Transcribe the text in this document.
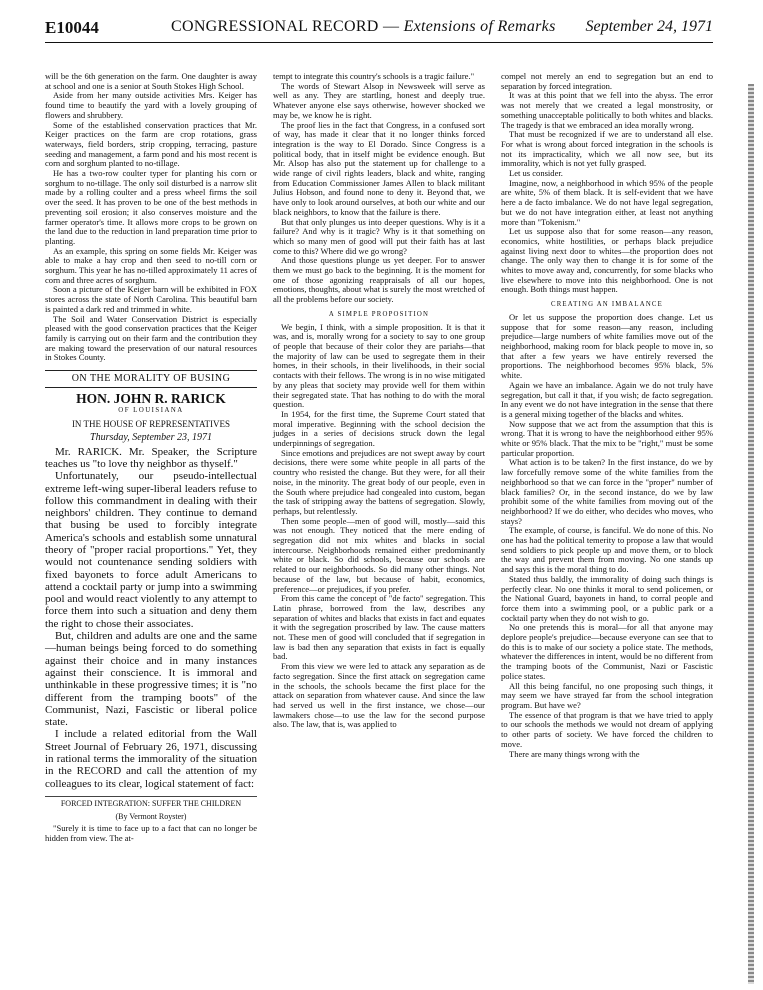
E10044	CONGRESSIONAL RECORD — Extensions of Remarks September 24, 1971

will be the 6th generation on the farm. One daughter is away at school and one is a senior at South Stokes High School.

Aside from her many outside activities Mrs. Keiger has found time to beautify the yard with a lovely grouping of flowers and shrubbery.

Some of the established conservation practices that Mr. Keiger practices on the farm are crop rotations, grass waterways, field borders, strip cropping, terracing, pasture seeding and management, a farm pond and his most recent is corn and sorghum planted to no-tillage.

He has a two-row coulter typer for planting his corn or sorghum to no-tillage. The only soil disturbed is a narrow slit made by a rolling coulter and a press wheel firms the soil over the seed. It has proven to be one of the best methods in preventing soil erosion; it also conserves moisture and the farmer operator's time. It allows more crops to be grown on the land due to the reduction in land preparation time prior to planting.

As an example, this spring on some fields Mr. Keiger was able to make a hay crop and then seed to no-till corn or sorghum. This year he has no-tilled approximately 11 acres of corn and three acres of sorghum.

Soon a picture of the Keiger barn will be exhibited in FOX stores across the state of North Carolina. This beautiful barn is painted a dark red and trimmed in white.

The Soil and Water Conservation District is especially pleased with the good conservation practices that the Keiger family is carrying out on their farm and the contribution they are making toward the preservation of our natural resources in Stokes County.

ON THE MORALITY OF BUSING
HON. JOHN R. RARICK
OF LOUISIANA
IN THE HOUSE OF REPRESENTATIVES
Thursday, September 23, 1971

Mr. RARICK. Mr. Speaker, the Scripture teaches us "to love thy neighbor as thyself."

Unfortunately, our pseudo-intellectual extreme left-wing super-liberal leaders refuse to follow this commandment in dealing with their neighbors' children. They continue to demand that busing be used to forcibly integrate America's schools and establish some unnatural theory of "proper racial proportions." Yet, they would not countenance sending soldiers with fixed bayonets to force adult Americans to attend a cocktail party or jump into a swimming pool and would react violently to any attempt to force them into such a situation and deny them the right to chose their associates.

But, children and adults are one and the same—human beings being forced to do something against their choice and in many instances against their conscience. It is immoral and unthinkable in these progressive times; it is "no different from the tramping boots" of the Communist, Nazi, Fascistic or liberal police state.

I include a related editorial from the Wall Street Journal of February 26, 1971, discussing in rational terms the immorality of the situation in the RECORD and call the attention of my colleagues to its clear, logical statement of fact:

FORCED INTEGRATION: SUFFER THE CHILDREN
(By Vermont Royster)

"Surely it is time to face up to a fact that can no longer be hidden from view. The at-

tempt to integrate this country's schools is a tragic failure."

The words of Stewart Alsop in Newsweek will serve as well as any. They are startling, honest and deeply true. Whatever anyone else says otherwise, however shocked we may be, we know he is right.

The proof lies in the fact that Congress, in a confused sort of way, has made it clear that it no longer thinks forced integration is the way to El Dorado. Since Congress is a political body, that in itself might be evidence enough. But Mr. Alsop has also put the statement up for challenge to a wide range of civil rights leaders, black and white, ranging from Education Commissioner James Allen to black militant Julius Hobson, and found none to deny it. Beyond that, we have only to look around ourselves, at both our white and our black neighbors, to know that the failure is there.

But that only plunges us into deeper questions. Why is it a failure? And why is it tragic? Why is it that something on which so many men of good will put their faith has at last come to this? Where did we go wrong?

And those questions plunge us yet deeper. For to answer them we must go back to the beginning. It is the moment for one of those agonizing reappraisals of all our hopes, emotions, thoughts, about what is surely the most wretched of all the problems before our society.

A SIMPLE PROPOSITION

We begin, I think, with a simple proposition. It is that it was, and is, morally wrong for a society to say to one group of people that because of their color they are pariahs—that the majority of law can be used to segregate them in their homes, in their schools, in their livelihoods, in their social contacts with their fellows. The wrong is in no wise mitigated by any pleas that society may provide well for them within their segregated state. That has nothing to do with the moral question.

In 1954, for the first time, the Supreme Court stated that moral imperative. Beginning with the school decision the judges in a series of decisions struck down the legal underpinnings of segregation.

Since emotions and prejudices are not swept away by court decisions, there were some white people in all parts of the country who resisted the change. But they were, for all their noise, in the minority. The great body of our people, even in the South where prejudice had congealed into custom, began the task of stripping away the battens of segregation. Slowly, perhaps, but relentlessly.

Then some people—men of good will, mostly—said this was not enough. They noticed that the mere ending of segregation did not mix whites and blacks in social intercourse. Neighborhoods remained either predominantly white or black. So did schools, because our schools are related to our neighborhoods. So did many other things. Not because of the law, but because of habit, economics, preference—or prejudices, if you prefer.

From this came the concept of "de facto" segregation. This Latin phrase, borrowed from the law, describes any separation of whites and blacks that exists in fact and equates it with the segregation proscribed by law. The cause matters not. These men of good will concluded that if segregation in law is bad then any separation that exists in fact is equally bad.

From this view we were led to attack any separation as de facto segregation. Since the first attack on segregation came in the schools, the schools became the first place for the attack on separation from whatever cause. And since the law had served us well in the first instance, we chose—our lawmakers chose—to use the law for the second purpose also. The law, that is, was applied to

compel not merely an end to segregation but an end to separation by forced integration.

It was at this point that we fell into the abyss. The error was not merely that we created a legal monstrosity, or something unacceptable politically to both whites and blacks. The tragedy is that we embraced an idea morally wrong.

That must be recognized if we are to understand all else. For what is wrong about forced integration in the schools is not its impracticality, which we all now see, but its immorality, which is not yet fully grasped.

Let us consider.

Imagine, now, a neighborhood in which 95% of the people are white, 5% of them black. It is self-evident that we have here a de facto imbalance. We do not have legal segregation, but we do not have integration either, at least not anything more than "Tokenism."

Let us suppose also that for some reason—any reason, economics, white hostilities, or perhaps black prejudice against living next door to whites—the proportion does not change. The only way then to change it is for some of the whites to move away and, concurrently, for some blacks who live elsewhere to move into this neighborhood. One is not enough. Both things must happen.

CREATING AN IMBALANCE

Or let us suppose the proportion does change. Let us suppose that for some reason—any reason, including prejudice—large numbers of white families move out of the neighborhood, making room for black people to move in, so that after a few years we have entirely reversed the proportions. The neighborhood becomes 95% black, 5% white.

Again we have an imbalance. Again we do not truly have segregation, but call it that, if you wish; de facto segregation. In any event we do not have integration in the sense that there is a general mixing together of the blacks and whites.

Now suppose that we act from the assumption that this is wrong. That it is wrong to have the neighborhood either 95% white or 95% black. That the mix to be "right," must be some particular proportion.

What action is to be taken? In the first instance, do we by law forcefully remove some of the white families from the neighborhood so that we can force in the "proper" number of black families? Or, in the second instance, do we by law prohibit some of the white families from moving out of the neighborhood? If we do either, who decides who moves, who stays?

The example, of course, is fanciful. We do none of this. No one has had the political temerity to propose a law that would send soldiers to pick people up and move them, or to block the way and prevent them from moving. No one stands up and says this is the moral thing to do.

Stated thus baldly, the immorality of doing such things is perfectly clear. No one thinks it moral to send policemen, or the National Guard, bayonets in hand, to corral people and force them into a swimming pool, or a public park or a cocktail party when they do not wish to go.

No one pretends this is moral—for all that anyone may deplore people's prejudice—because everyone can see that to do this is to make of our society a police state. The methods, whatever the differences in intent, would be no different from the tramping boots of the Communist, Nazi or Fascistic police states.

All this being fanciful, no one proposing such things, it may seem we have strayed far from the school integration program. But have we?

The essence of that program is that we have tried to apply to our schools the methods we would not dream of applying to other parts of society. We have forced the children to move.

There are many things wrong with the
